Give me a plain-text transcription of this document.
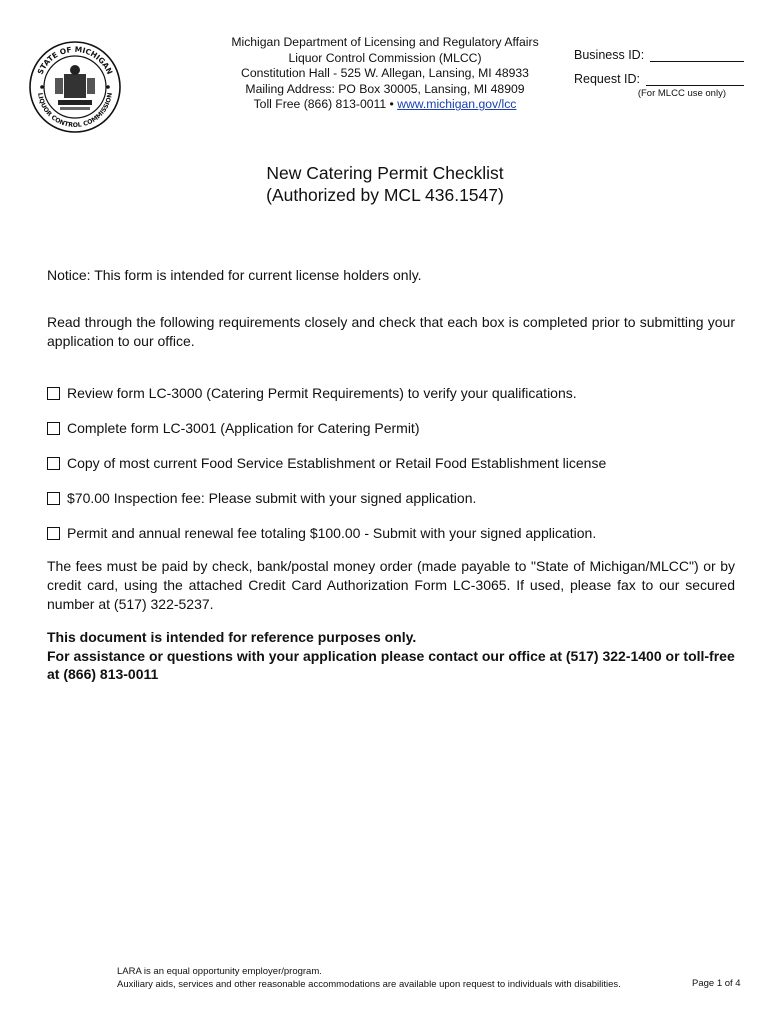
STATE OF MICHIGAN
LIQUOR CONTROL COMMISSION
Michigan Department of Licensing and Regulatory Affairs
Liquor Control Commission (MLCC)
Constitution Hall - 525 W. Allegan, Lansing, MI 48933
Mailing Address: PO Box 30005, Lansing, MI 48909
Toll Free (866) 813-0011 • www.michigan.gov/lcc
Business ID:
Request ID:
(For MLCC use only)
New Catering Permit Checklist
(Authorized by MCL 436.1547)
Notice: This form is intended for current license holders only.
Read through the following requirements closely and check that each box is completed prior to submitting your application to our office.
Review form LC-3000 (Catering Permit Requirements) to verify your qualifications.
Complete form LC-3001 (Application for Catering Permit)
Copy of most current Food Service Establishment or Retail Food Establishment license
$70.00 Inspection fee: Please submit with your signed application.
Permit and annual renewal fee totaling $100.00 - Submit with your signed application.
The fees must be paid by check, bank/postal money order (made payable to "State of Michigan/MLCC") or by credit card, using the attached Credit Card Authorization Form LC-3065. If used, please fax to our secured number at (517) 322-5237.
This document is intended for reference purposes only.
For assistance or questions with your application please contact our office at (517) 322-1400 or toll-free at (866) 813-0011
LARA is an equal opportunity employer/program.
Auxiliary aids, services and other reasonable accommodations are available upon request to individuals with disabilities.	Page 1 of 4
